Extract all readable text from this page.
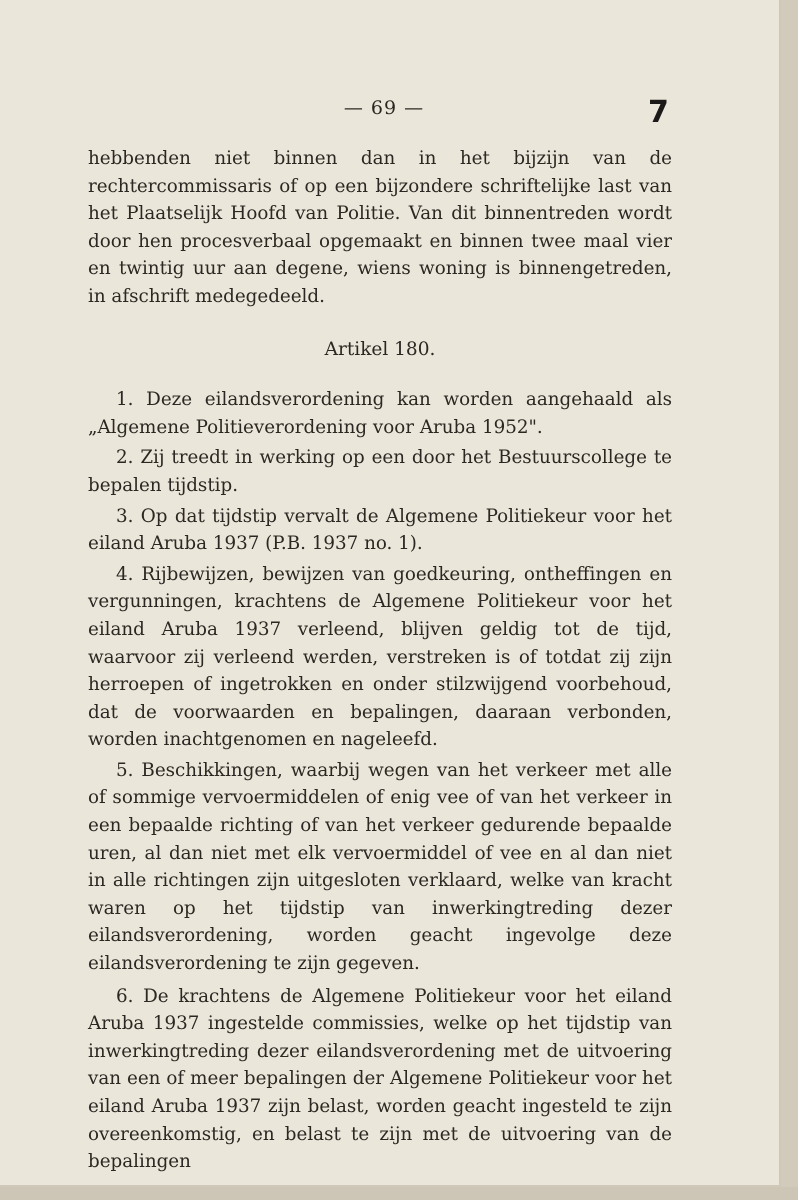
— 69 —	7

hebbenden niet binnen dan in het bijzijn van de rechtercommissaris of op een bijzondere schriftelijke last van het Plaatselijk Hoofd van Politie. Van dit binnentreden wordt door hen procesverbaal opgemaakt en binnen twee maal vier en twintig uur aan degene, wiens woning is binnengetreden, in afschrift medegedeeld.

Artikel 180.

1. Deze eilandsverordening kan worden aangehaald als „Algemene Politieverordening voor Aruba 1952".

2. Zij treedt in werking op een door het Bestuurscollege te bepalen tijdstip.

3. Op dat tijdstip vervalt de Algemene Politiekeur voor het eiland Aruba 1937 (P.B. 1937 no. 1).

4. Rijbewijzen, bewijzen van goedkeuring, ontheffingen en vergunningen, krachtens de Algemene Politiekeur voor het eiland Aruba 1937 verleend, blijven geldig tot de tijd, waarvoor zij verleend werden, verstreken is of totdat zij zijn herroepen of ingetrokken en onder stilzwijgend voorbehoud, dat de voorwaarden en bepalingen, daaraan verbonden, worden inachtgenomen en nageleefd.

5. Beschikkingen, waarbij wegen van het verkeer met alle of sommige vervoermiddelen of enig vee of van het verkeer in een bepaalde richting of van het verkeer gedurende bepaalde uren, al dan niet met elk vervoermiddel of vee en al dan niet in alle richtingen zijn uitgesloten verklaard, welke van kracht waren op het tijdstip van inwerkingtreding dezer eilandsverordening, worden geacht ingevolge deze eilandsverordening te zijn gegeven.

6. De krachtens de Algemene Politiekeur voor het eiland Aruba 1937 ingestelde commissies, welke op het tijdstip van inwerkingtreding dezer eilandsverordening met de uitvoering van een of meer bepalingen der Algemene Politiekeur voor het eiland Aruba 1937 zijn belast, worden geacht ingesteld te zijn overeenkomstig, en belast te zijn met de uitvoering van de bepalingen
